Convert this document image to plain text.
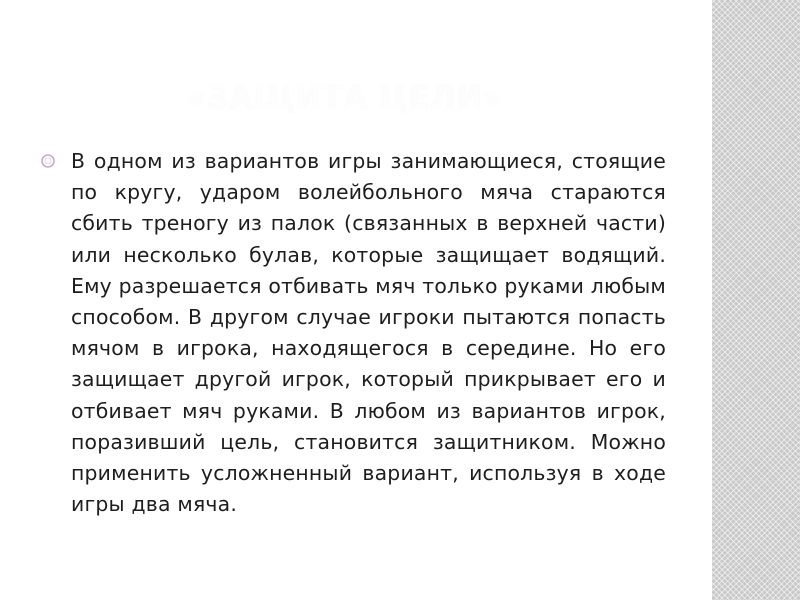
«ЗАЩИТА ЦЕЛИ»

В одном из вариантов игры занимающиеся, стоящие по кругу, ударом волейбольного мяча стараются сбить треногу из палок (связанных в верхней части) или несколько булав, которые защищает водящий. Ему разрешается отбивать мяч только руками любым способом. В другом случае игроки пытаются попасть мячом в игрока, находящегося в середине. Но его защищает другой игрок, который прикрывает его и отбивает мяч руками. В любом из вариантов игрок, поразивший цель, становится защитником. Можно применить усложненный вариант, используя в ходе игры два мяча.
